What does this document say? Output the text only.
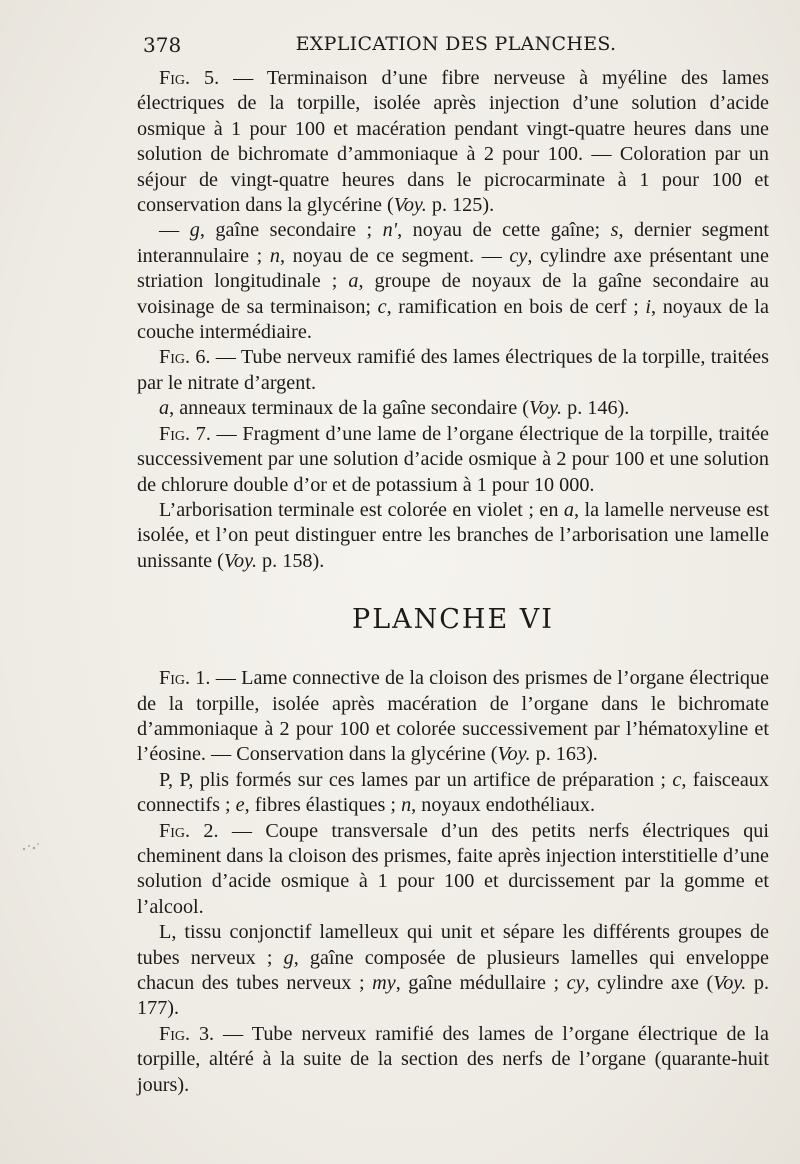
378	EXPLICATION DES PLANCHES.

Fig. 5. — Terminaison d’une fibre nerveuse à myéline des lames électriques de la torpille, isolée après injection d’une solution d’acide osmique à 1 pour 100 et macération pendant vingt-quatre heures dans une solution de bichromate d’ammoniaque à 2 pour 100. — Coloration par un séjour de vingt-quatre heures dans le picrocarminate à 1 pour 100 et conservation dans la glycérine (Voy. p. 125).

— g, gaîne secondaire ; n', noyau de cette gaîne; s, dernier segment interannulaire ; n, noyau de ce segment. — cy, cylindre axe présentant une striation longitudinale ; a, groupe de noyaux de la gaîne secondaire au voisinage de sa terminaison; c, ramification en bois de cerf ; i, noyaux de la couche intermédiaire.

Fig. 6. — Tube nerveux ramifié des lames électriques de la torpille, traitées par le nitrate d’argent.

a, anneaux terminaux de la gaîne secondaire (Voy. p. 146).

Fig. 7. — Fragment d’une lame de l’organe électrique de la torpille, traitée successivement par une solution d’acide osmique à 2 pour 100 et une solution de chlorure double d’or et de potassium à 1 pour 10 000.

L’arborisation terminale est colorée en violet ; en a, la lamelle nerveuse est isolée, et l’on peut distinguer entre les branches de l’arborisation une lamelle unissante (Voy. p. 158).

PLANCHE VI

Fig. 1. — Lame connective de la cloison des prismes de l’organe électrique de la torpille, isolée après macération de l’organe dans le bichromate d’ammoniaque à 2 pour 100 et colorée successivement par l’hématoxyline et l’éosine. — Conservation dans la glycérine (Voy. p. 163).

P, P, plis formés sur ces lames par un artifice de préparation ; c, faisceaux connectifs ; e, fibres élastiques ; n, noyaux endothéliaux.

Fig. 2. — Coupe transversale d’un des petits nerfs électriques qui cheminent dans la cloison des prismes, faite après injection interstitielle d’une solution d’acide osmique à 1 pour 100 et durcissement par la gomme et l’alcool.

L, tissu conjonctif lamelleux qui unit et sépare les différents groupes de tubes nerveux ; g, gaîne composée de plusieurs lamelles qui enveloppe chacun des tubes nerveux ; my, gaîne médullaire ; cy, cylindre axe (Voy. p. 177).

Fig. 3. — Tube nerveux ramifié des lames de l’organe électrique de la torpille, altéré à la suite de la section des nerfs de l’organe (quarante-huit jours).
